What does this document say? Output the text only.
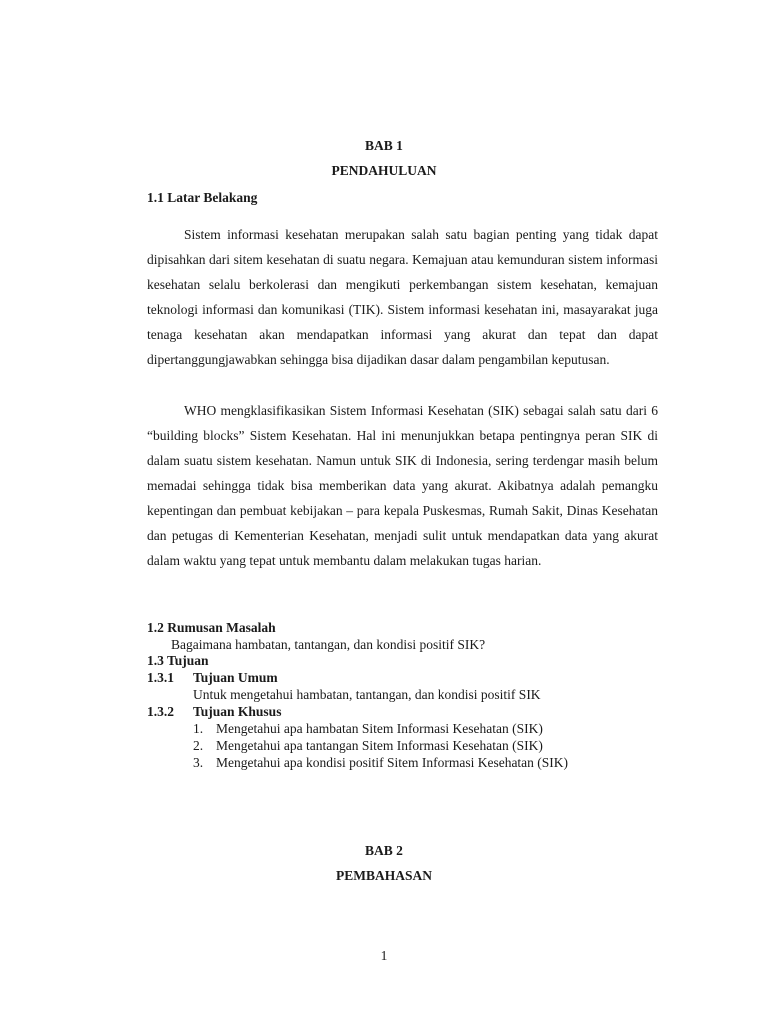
BAB 1
PENDAHULUAN
1.1 Latar Belakang

Sistem informasi kesehatan merupakan salah satu bagian penting yang tidak dapat dipisahkan dari sitem kesehatan di suatu negara. Kemajuan atau kemunduran sistem informasi kesehatan selalu berkolerasi dan mengikuti perkembangan sistem kesehatan, kemajuan teknologi informasi dan komunikasi (TIK). Sistem informasi kesehatan ini, masayarakat juga tenaga kesehatan akan mendapatkan informasi yang akurat dan tepat dan dapat dipertanggungjawabkan sehingga bisa dijadikan dasar dalam pengambilan keputusan.

WHO mengklasifikasikan Sistem Informasi Kesehatan (SIK) sebagai salah satu dari 6 “building blocks” Sistem Kesehatan. Hal ini menunjukkan betapa pentingnya peran SIK di dalam suatu sistem kesehatan. Namun untuk SIK di Indonesia, sering terdengar masih belum memadai sehingga tidak bisa memberikan data yang akurat. Akibatnya adalah pemangku kepentingan dan pembuat kebijakan – para kepala Puskesmas, Rumah Sakit, Dinas Kesehatan dan petugas di Kementerian Kesehatan, menjadi sulit untuk mendapatkan data yang akurat dalam waktu yang tepat untuk membantu dalam melakukan tugas harian.

1.2 Rumusan Masalah
Bagaimana hambatan, tantangan, dan kondisi positif SIK?
1.3 Tujuan
1.3.1 Tujuan Umum
Untuk mengetahui hambatan, tantangan, dan kondisi positif SIK
1.3.2 Tujuan Khusus
1. Mengetahui apa hambatan Sitem Informasi Kesehatan (SIK)
2. Mengetahui apa tantangan Sitem Informasi Kesehatan (SIK)
3. Mengetahui apa kondisi positif Sitem Informasi Kesehatan (SIK)
BAB 2
PEMBAHASAN
1
